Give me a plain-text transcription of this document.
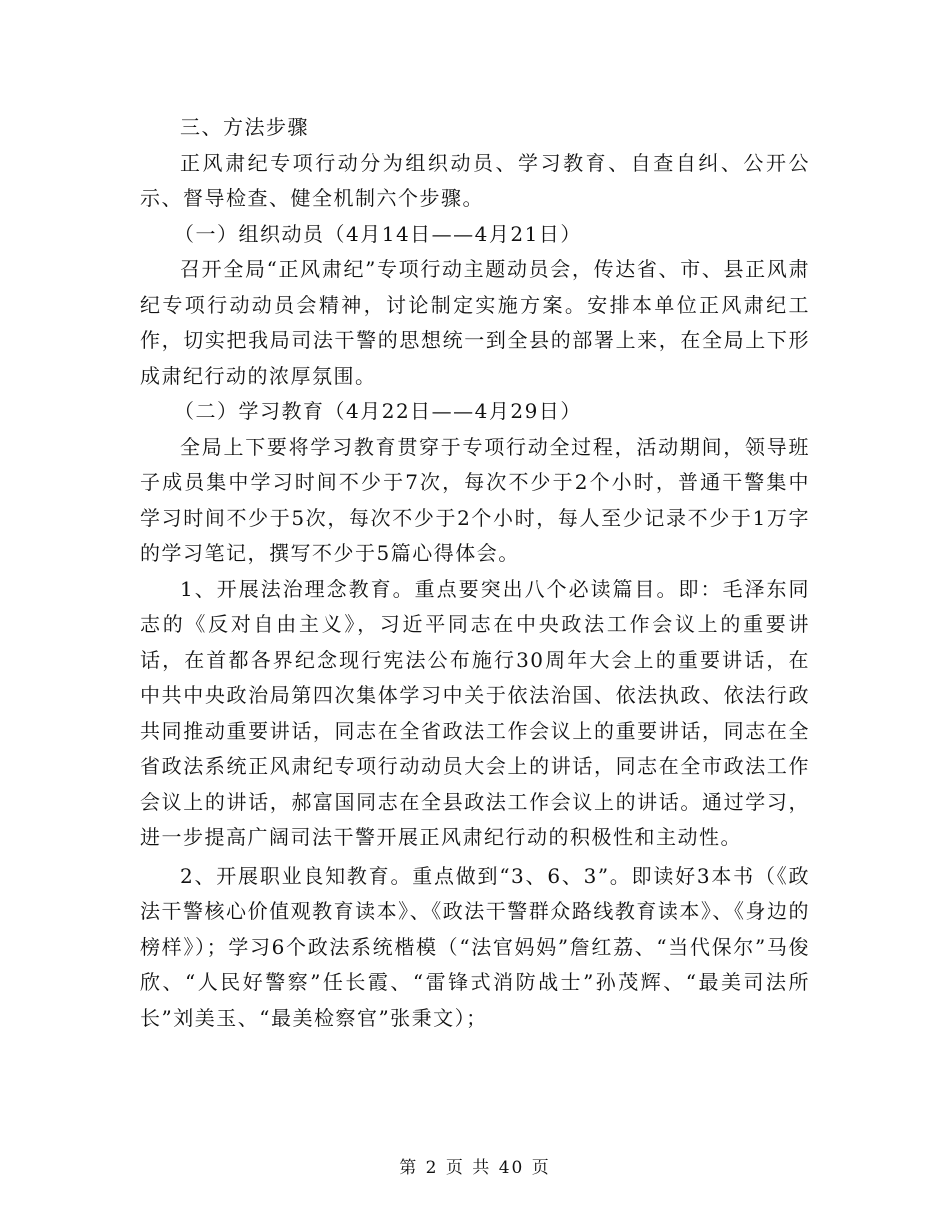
三、方法步骤

正风肃纪专项行动分为组织动员、学习教育、自查自纠、公开公示、督导检查、健全机制六个步骤。

（一）组织动员（4月14日——4月21日）

召开全局“正风肃纪”专项行动主题动员会，传达省、市、县正风肃纪专项行动动员会精神，讨论制定实施方案。安排本单位正风肃纪工作，切实把我局司法干警的思想统一到全县的部署上来，在全局上下形成肃纪行动的浓厚氛围。

（二）学习教育（4月22日——4月29日）

全局上下要将学习教育贯穿于专项行动全过程，活动期间，领导班子成员集中学习时间不少于7次，每次不少于2个小时，普通干警集中学习时间不少于5次，每次不少于2个小时，每人至少记录不少于1万字的学习笔记，撰写不少于5篇心得体会。

1、开展法治理念教育。重点要突出八个必读篇目。即：毛泽东同志的《反对自由主义》，习近平同志在中央政法工作会议上的重要讲话，在首都各界纪念现行宪法公布施行30周年大会上的重要讲话，在中共中央政治局第四次集体学习中关于依法治国、依法执政、依法行政共同推动重要讲话，同志在全省政法工作会议上的重要讲话，同志在全省政法系统正风肃纪专项行动动员大会上的讲话，同志在全市政法工作会议上的讲话，郝富国同志在全县政法工作会议上的讲话。通过学习，进一步提高广阔司法干警开展正风肃纪行动的积极性和主动性。

2、开展职业良知教育。重点做到“3、6、3”。即读好3本书（《政法干警核心价值观教育读本》、《政法干警群众路线教育读本》、《身边的榜样》）；学习6个政法系统楷模（“法官妈妈”詹红荔、“当代保尔”马俊欣、“人民好警察”任长霞、“雷锋式消防战士”孙茂辉、“最美司法所长”刘美玉、“最美检察官”张秉文）；

第 2 页 共 40 页
